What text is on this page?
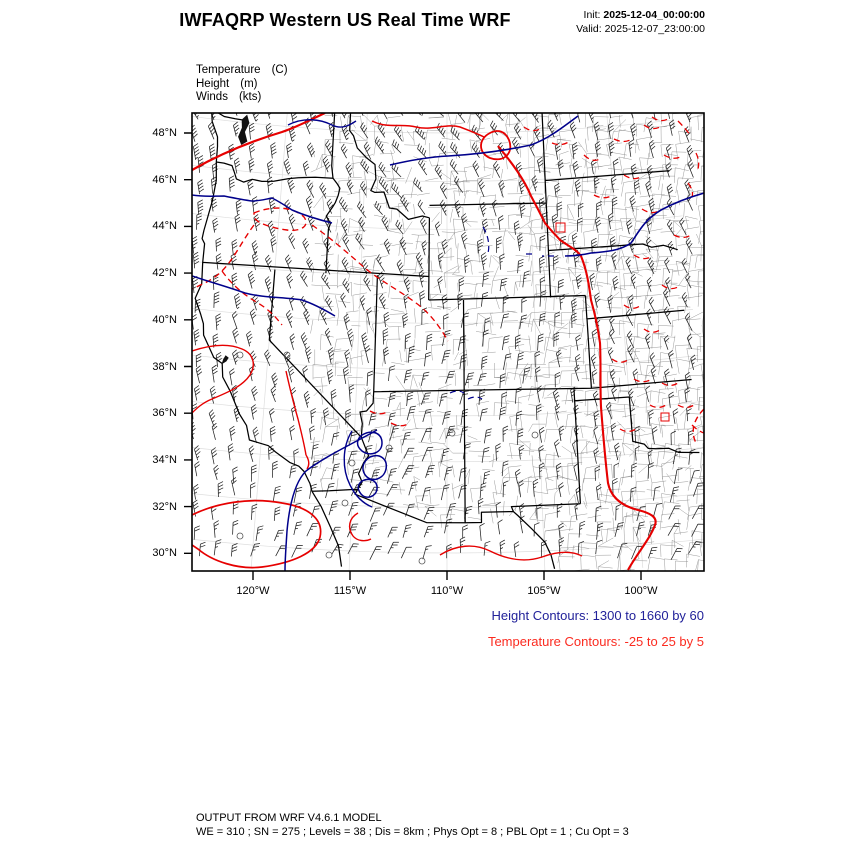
IWFAQRP Western US Real Time WRF	Init: 2025-12-04_00:00:00
Valid: 2025-12-07_23:00:00
Temperature (C)
Height (m)
Winds (kts)
48°N
46°N
44°N
42°N
40°N
38°N
36°N
34°N
32°N
30°N
120°W	115°W	110°W	105°W	100°W
Height Contours: 1300 to 1660 by 60
Temperature Contours: -25 to 25 by 5
OUTPUT FROM WRF V4.6.1 MODEL
WE = 310 ; SN = 275 ; Levels = 38 ; Dis = 8km ; Phys Opt = 8 ; PBL Opt = 1 ; Cu Opt = 3
